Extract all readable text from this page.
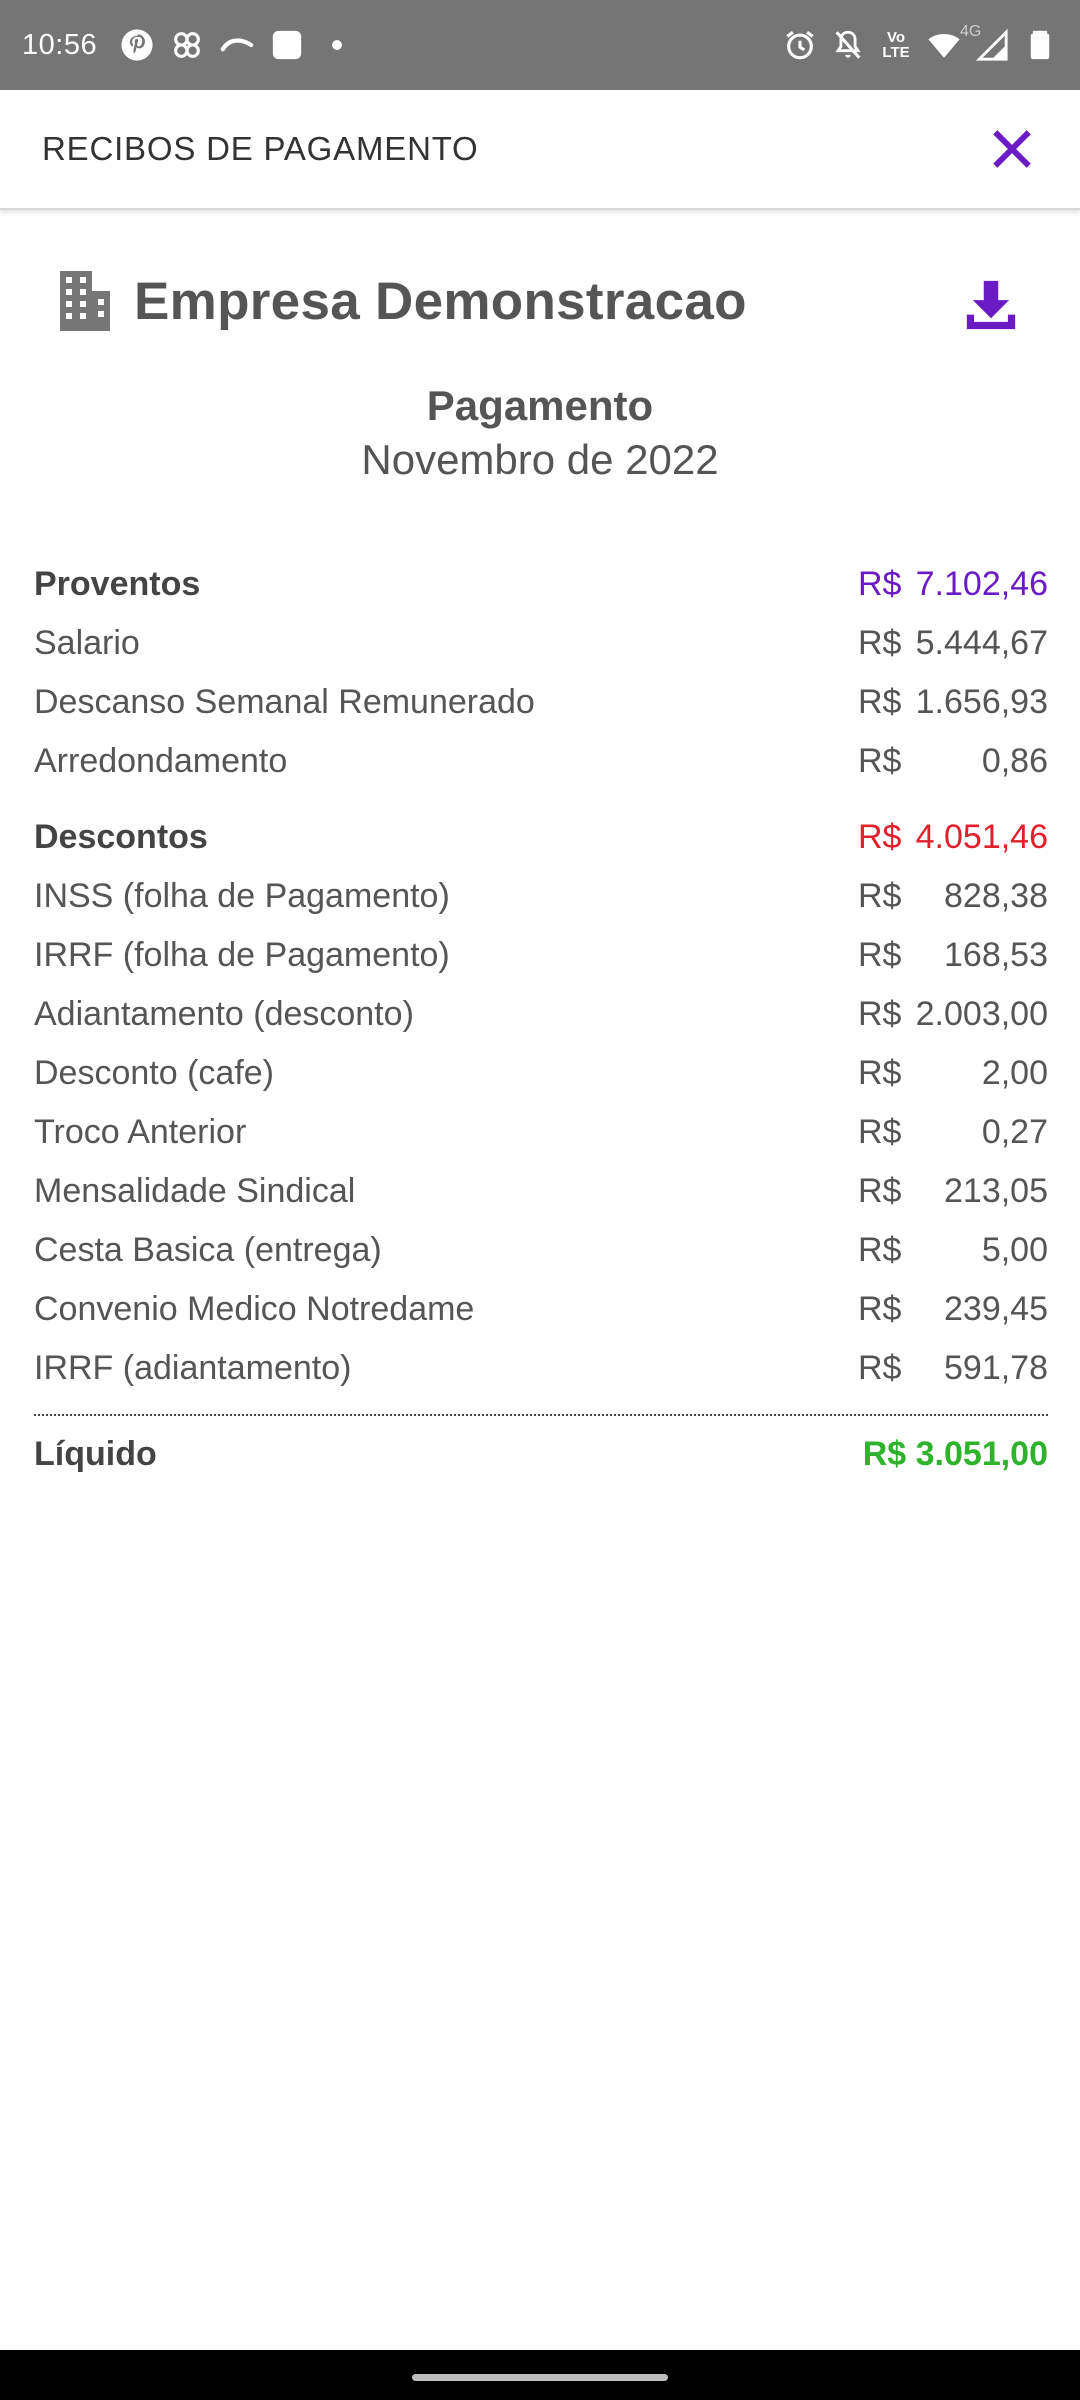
10:56	Vo
LTE
4G
RECIBOS DE PAGAMENTO
Empresa Demonstracao
Pagamento
Novembro de 2022
Proventos	R$ 7.102,46
Salario	R$ 5.444,67
Descanso Semanal Remunerado	R$ 1.656,93
Arredondamento	R$	0,86
Descontos	R$ 4.051,46
INSS (folha de Pagamento)	R$	828,38
IRRF (folha de Pagamento)	R$	168,53
Adiantamento (desconto)	R$ 2.003,00
Desconto (cafe)	R$	2,00
Troco Anterior	R$	0,27
Mensalidade Sindical	R$	213,05
Cesta Basica (entrega)	R$	5,00
Convenio Medico Notredame	R$	239,45
IRRF (adiantamento)	R$	591,78
Líquido	R$ 3.051,00
